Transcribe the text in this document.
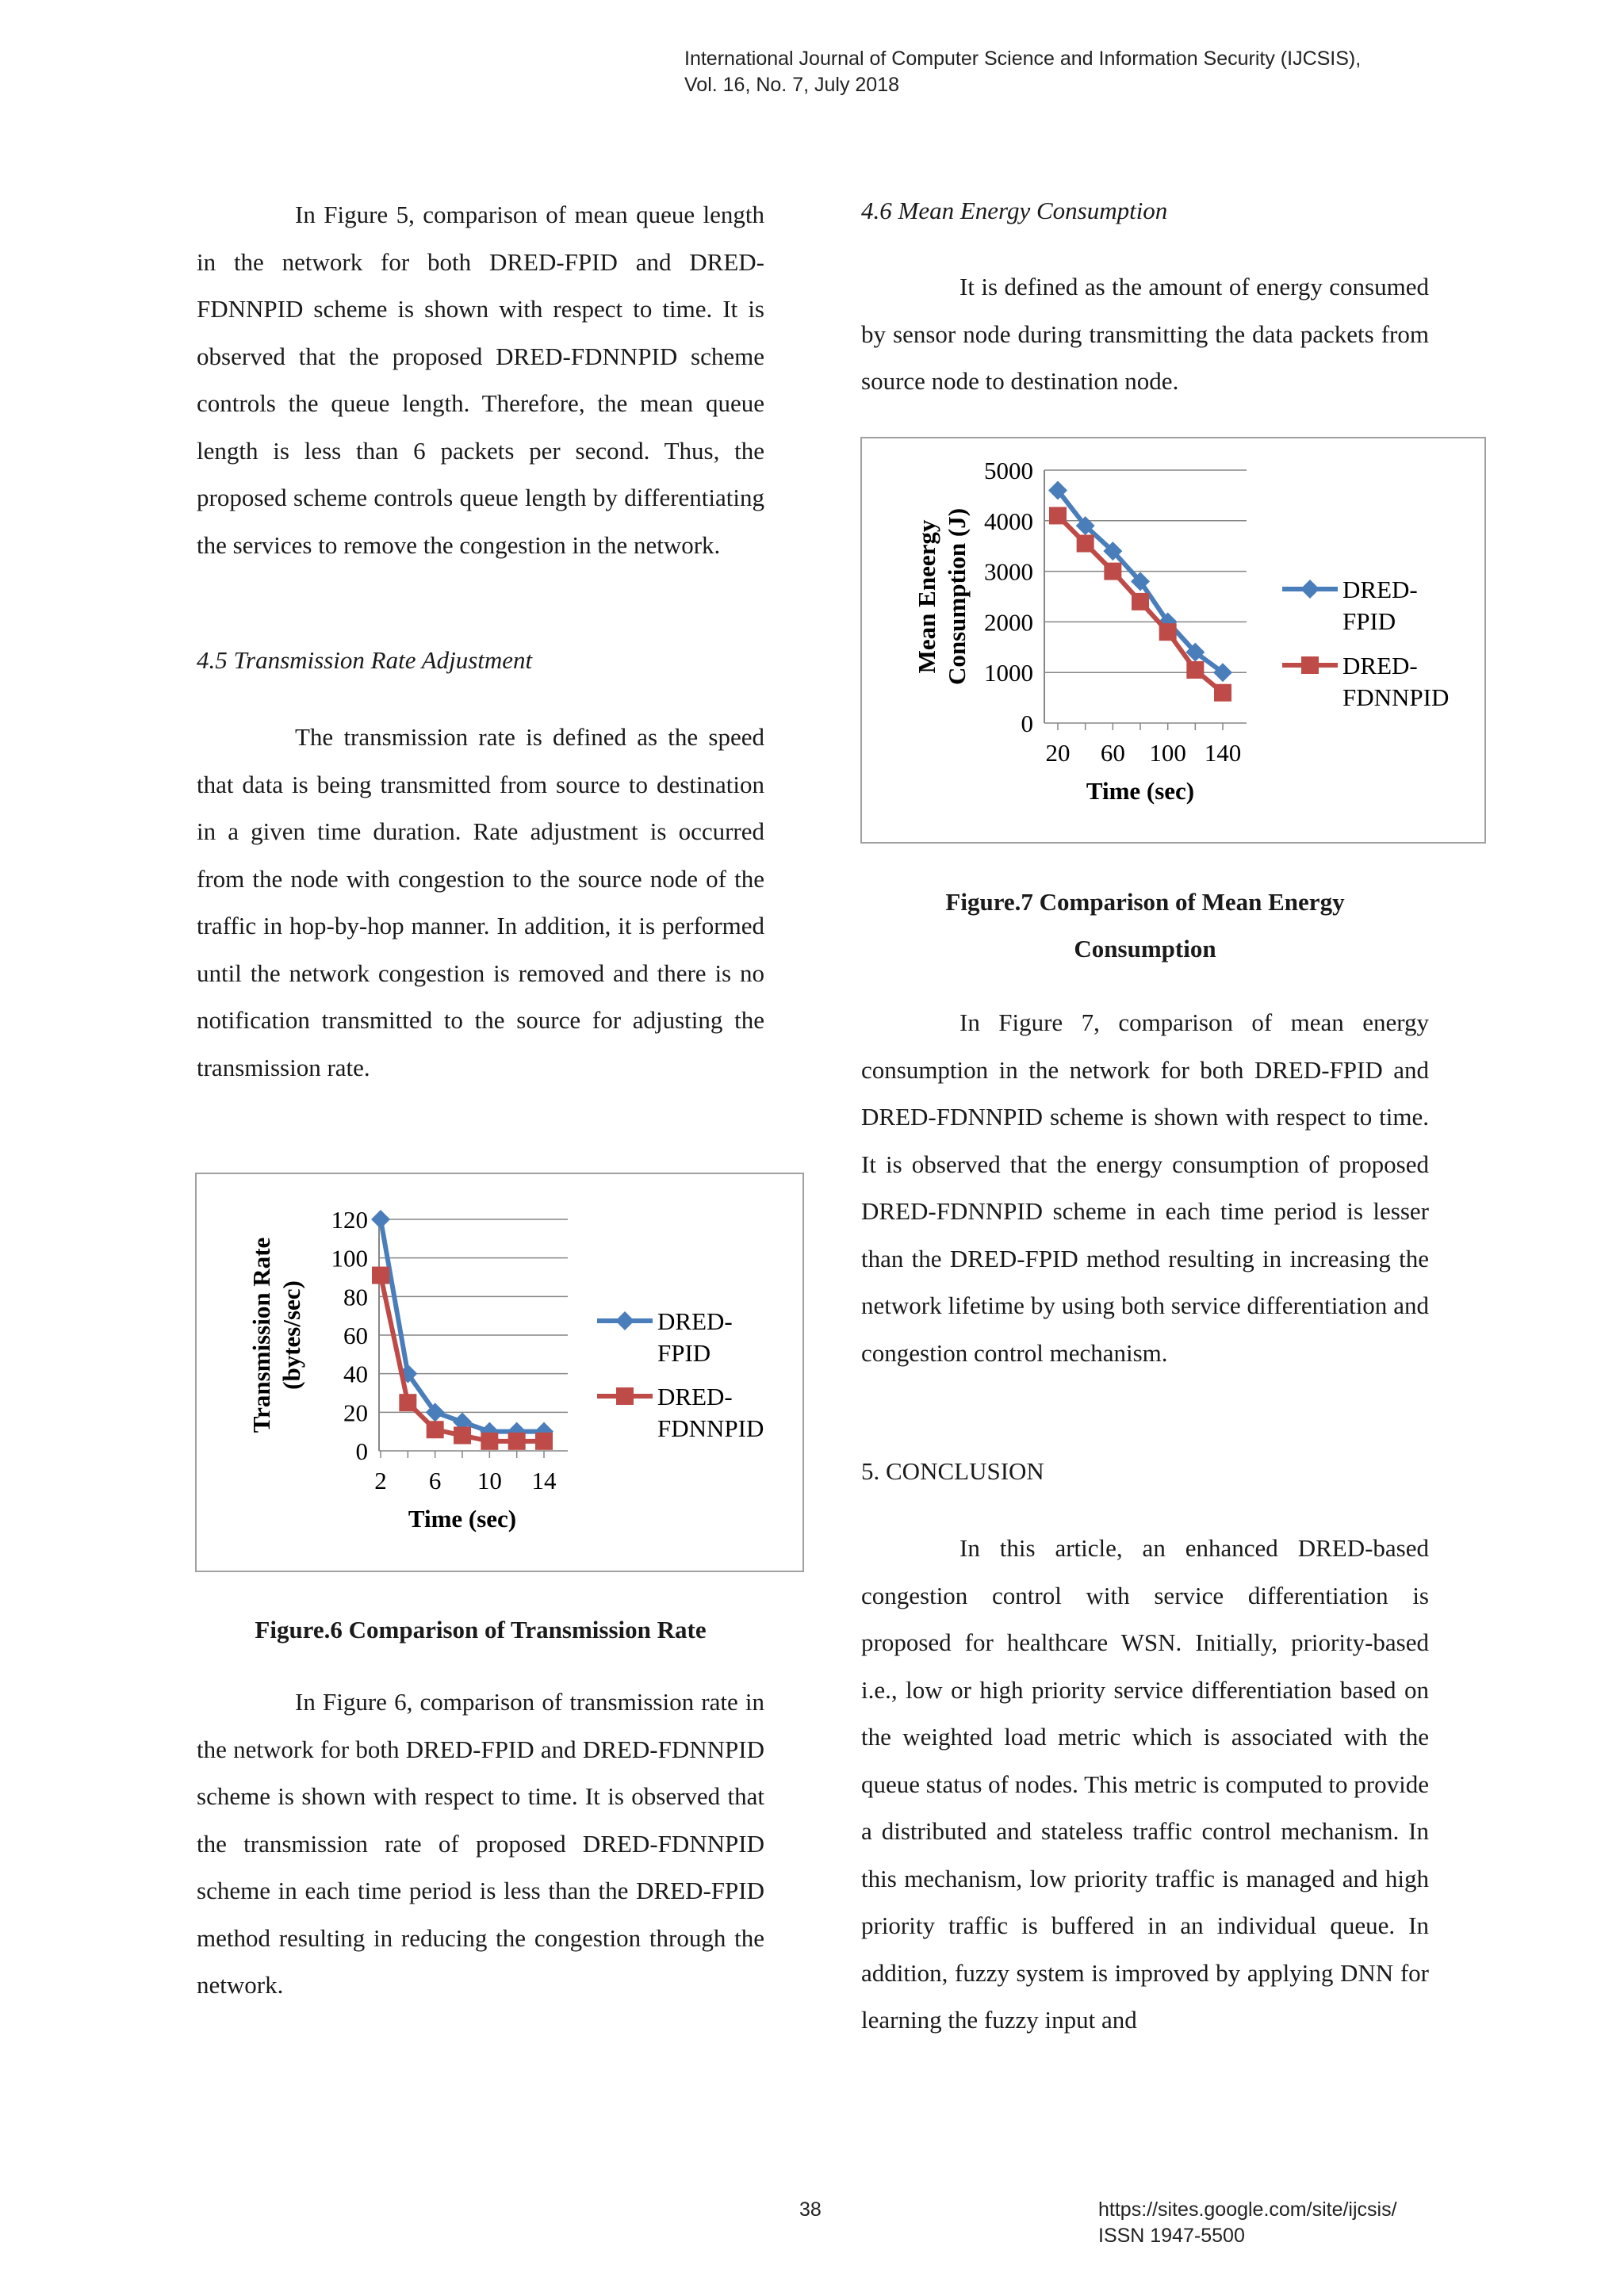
International Journal of Computer Science and Information Security (IJCSIS),
Vol. 16, No. 7, July 2018

In Figure 5, comparison of mean queue length in the network for both DRED-FPID and DRED-FDNNPID scheme is shown with respect to time. It is observed that the proposed DRED-FDNNPID scheme controls the queue length. Therefore, the mean queue length is less than 6 packets per second. Thus, the proposed scheme controls queue length by differentiating the services to remove the congestion in the network.

4.5 Transmission Rate Adjustment

The transmission rate is defined as the speed that data is being transmitted from source to destination in a given time duration. Rate adjustment is occurred from the node with congestion to the source node of the traffic in hop-by-hop manner. In addition, it is performed until the network congestion is removed and there is no notification transmitted to the source for adjusting the transmission rate.

0
20
40
60
80
100
120
2 6 10 14
Time (sec)
Transmission Rate (bytes/sec)	DRED-
FPID
DRED-
FDNNPID
Figure.6 Comparison of Transmission Rate

In Figure 6, comparison of transmission rate in the network for both DRED-FPID and DRED-FDNNPID scheme is shown with respect to time. It is observed that the transmission rate of proposed DRED-FDNNPID scheme in each time period is less than the DRED-FPID method resulting in reducing the congestion through the network.

4.6 Mean Energy Consumption

It is defined as the amount of energy consumed by sensor node during transmitting the data packets from source node to destination node.

0
1000
2000
3000
4000
5000
20 60 100 140
Time (sec)
Mean Eneergy Consumption (J)	DRED-
FPID
DRED-
FDNNPID
Figure.7 Comparison of Mean Energy
Consumption

In Figure 7, comparison of mean energy consumption in the network for both DRED-FPID and DRED-FDNNPID scheme is shown with respect to time. It is observed that the energy consumption of proposed DRED-FDNNPID scheme in each time period is lesser than the DRED-FPID method resulting in increasing the network lifetime by using both service differentiation and congestion control mechanism.

5. CONCLUSION

In this article, an enhanced DRED-based congestion control with service differentiation is proposed for healthcare WSN. Initially, priority-based i.e., low or high priority service differentiation based on the weighted load metric which is associated with the queue status of nodes. This metric is computed to provide a distributed and stateless traffic control mechanism. In this mechanism, low priority traffic is managed and high priority traffic is buffered in an individual queue. In addition, fuzzy system is improved by applying DNN for learning the fuzzy input and

38	https://sites.google.com/site/ijcsis/
ISSN 1947-5500
